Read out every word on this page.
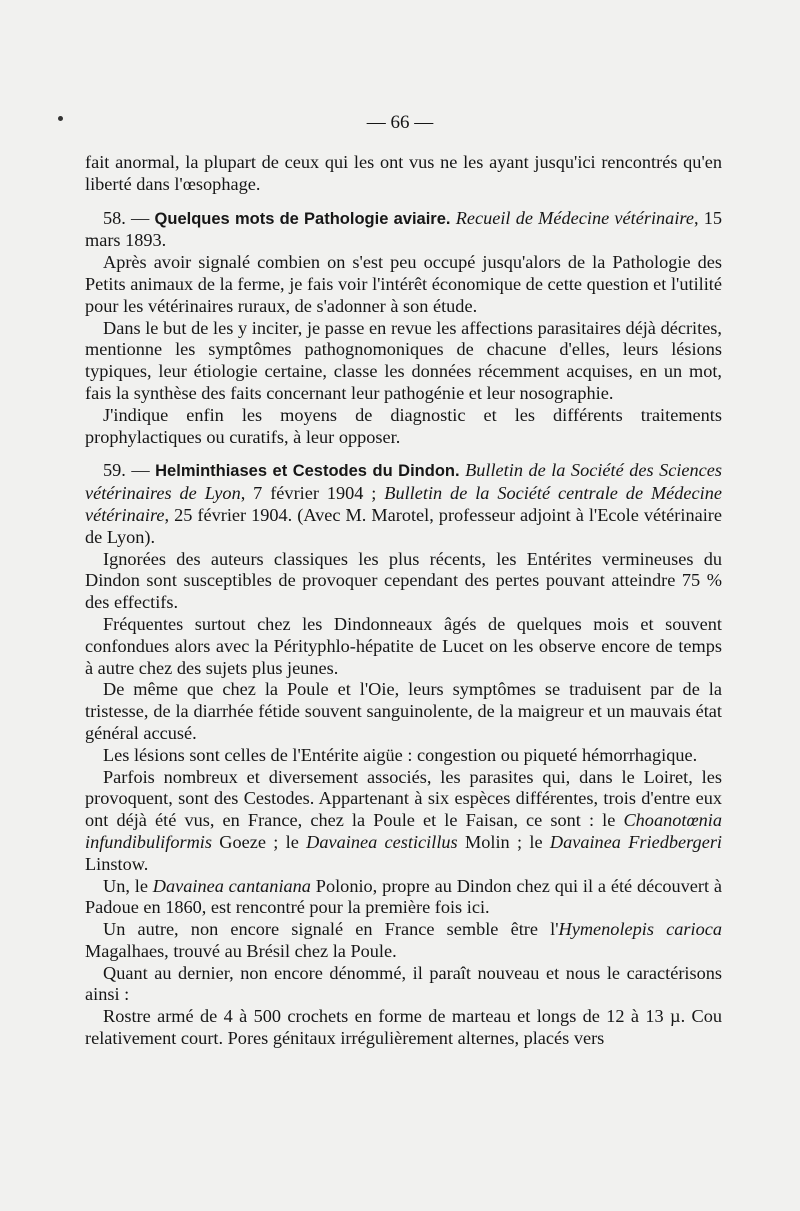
— 66 —

fait anormal, la plupart de ceux qui les ont vus ne les ayant jusqu'ici rencontrés qu'en liberté dans l'œsophage.

58. — Quelques mots de Pathologie aviaire. Recueil de Médecine vétérinaire, 15 mars 1893.

Après avoir signalé combien on s'est peu occupé jusqu'alors de la Pathologie des Petits animaux de la ferme, je fais voir l'intérêt économique de cette question et l'utilité pour les vétérinaires ruraux, de s'adonner à son étude.

Dans le but de les y inciter, je passe en revue les affections parasitaires déjà décrites, mentionne les symptômes pathognomoniques de chacune d'elles, leurs lésions typiques, leur étiologie certaine, classe les données récemment acquises, en un mot, fais la synthèse des faits concernant leur pathogénie et leur nosographie.

J'indique enfin les moyens de diagnostic et les différents traitements prophylactiques ou curatifs, à leur opposer.

59. — Helminthiases et Cestodes du Dindon. Bulletin de la Société des Sciences vétérinaires de Lyon, 7 février 1904 ; Bulletin de la Société centrale de Médecine vétérinaire, 25 février 1904. (Avec M. Marotel, professeur adjoint à l'Ecole vétérinaire de Lyon).

Ignorées des auteurs classiques les plus récents, les Entérites vermineuses du Dindon sont susceptibles de provoquer cependant des pertes pouvant atteindre 75 % des effectifs.

Fréquentes surtout chez les Dindonneaux âgés de quelques mois et souvent confondues alors avec la Pérityphlo-hépatite de Lucet on les observe encore de temps à autre chez des sujets plus jeunes.

De même que chez la Poule et l'Oie, leurs symptômes se traduisent par de la tristesse, de la diarrhée fétide souvent sanguinolente, de la maigreur et un mauvais état général accusé.

Les lésions sont celles de l'Entérite aigüe : congestion ou piqueté hémorrhagique.

Parfois nombreux et diversement associés, les parasites qui, dans le Loiret, les provoquent, sont des Cestodes. Appartenant à six espèces différentes, trois d'entre eux ont déjà été vus, en France, chez la Poule et le Faisan, ce sont : le Choanotœnia infundibuliformis Goeze ; le Davainea cesticillus Molin ; le Davainea Friedbergeri Linstow.

Un, le Davainea cantaniana Polonio, propre au Dindon chez qui il a été découvert à Padoue en 1860, est rencontré pour la première fois ici.

Un autre, non encore signalé en France semble être l'Hymenolepis carioca Magalhaes, trouvé au Brésil chez la Poule.

Quant au dernier, non encore dénommé, il paraît nouveau et nous le caractérisons ainsi :

Rostre armé de 4 à 500 crochets en forme de marteau et longs de 12 à 13 µ. Cou relativement court. Pores génitaux irrégulièrement alternes, placés vers
